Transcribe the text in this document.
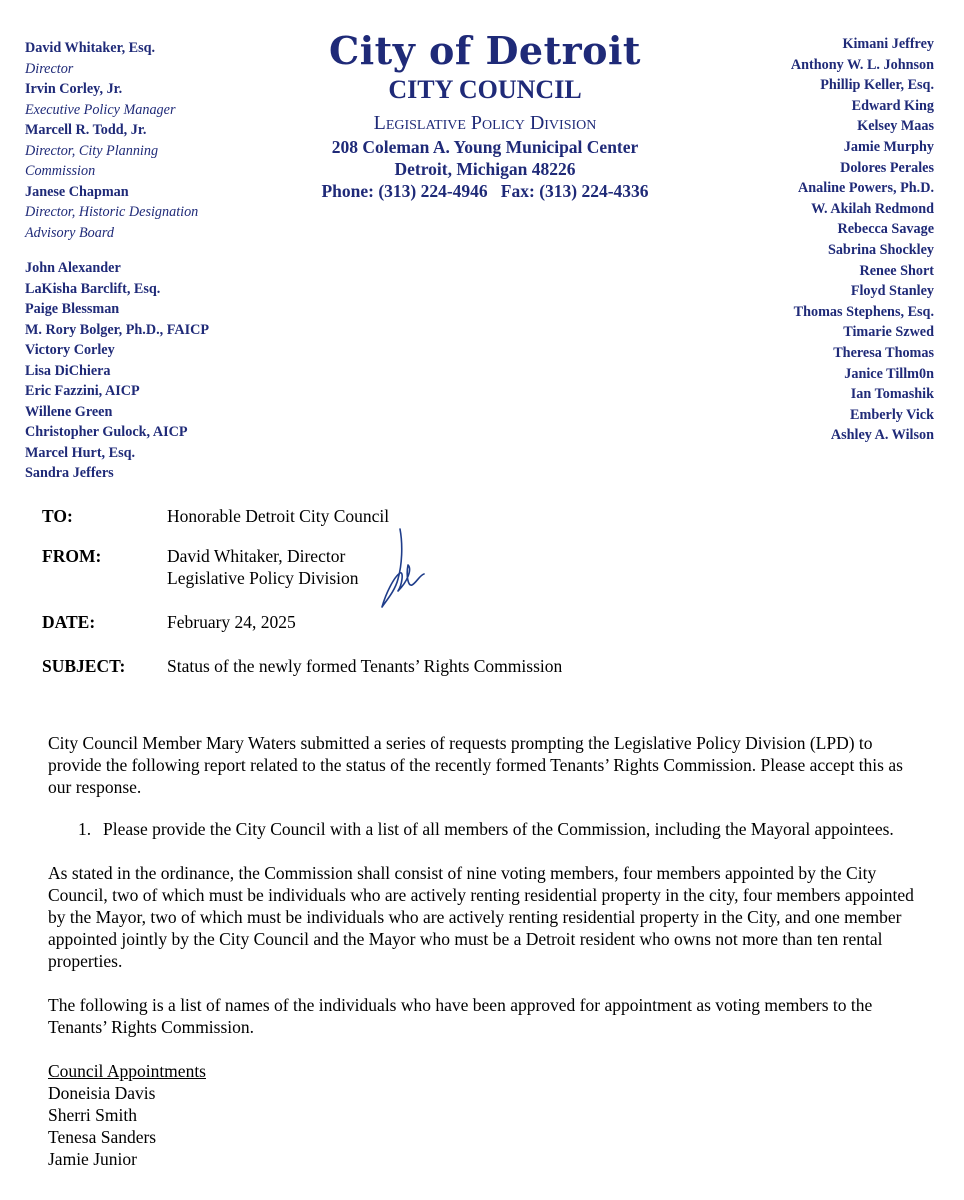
David Whitaker, Esq.
Director
Irvin Corley, Jr.
Executive Policy Manager
Marcell R. Todd, Jr.
Director, City Planning Commission
Janese Chapman
Director, Historic Designation Advisory Board
John Alexander
LaKisha Barclift, Esq.
Paige Blessman
M. Rory Bolger, Ph.D., FAICP
Victory Corley
Lisa DiChiera
Eric Fazzini, AICP
Willene Green
Christopher Gulock, AICP
Marcel Hurt, Esq.
Sandra Jeffers
City of Detroit
CITY COUNCIL
Legislative Policy Division
208 Coleman A. Young Municipal Center
Detroit, Michigan 48226
Phone: (313) 224-4946 Fax: (313) 224-4336
Kimani Jeffrey
Anthony W. L. Johnson
Phillip Keller, Esq.
Edward King
Kelsey Maas
Jamie Murphy
Dolores Perales
Analine Powers, Ph.D.
W. Akilah Redmond
Rebecca Savage
Sabrina Shockley
Renee Short
Floyd Stanley
Thomas Stephens, Esq.
Timarie Szwed
Theresa Thomas
Janice Tillm0n
Ian Tomashik
Emberly Vick
Ashley A. Wilson
TO:	Honorable Detroit City Council
FROM:	David Whitaker, Director
Legislative Policy Division
DATE:	February 24, 2025
SUBJECT: Status of the newly formed Tenants’ Rights Commission

City Council Member Mary Waters submitted a series of requests prompting the Legislative Policy Division (LPD) to provide the following report related to the status of the recently formed Tenants’ Rights Commission. Please accept this as our response.

1. Please provide the City Council with a list of all members of the Commission, including the Mayoral appointees.

As stated in the ordinance, the Commission shall consist of nine voting members, four members appointed by the City Council, two of which must be individuals who are actively renting residential property in the city, four members appointed by the Mayor, two of which must be individuals who are actively renting residential property in the City, and one member appointed jointly by the City Council and the Mayor who must be a Detroit resident who owns not more than ten rental properties.

The following is a list of names of the individuals who have been approved for appointment as voting members to the Tenants’ Rights Commission.

Council Appointments

Doneisia Davis

Sherri Smith

Tenesa Sanders

Jamie Junior
